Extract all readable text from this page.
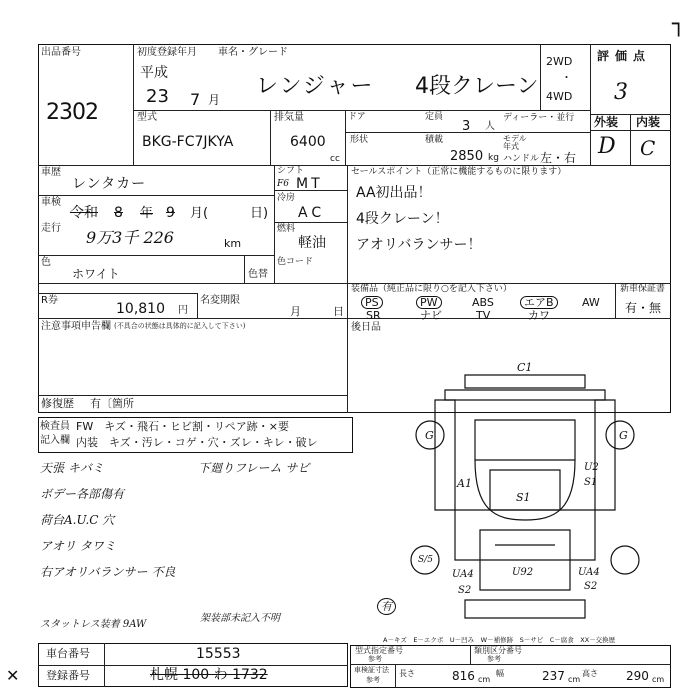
┐
出品番号
2302
初度登録年月
平成
23 7 月
車名・グレード
レンジャー 4段クレーン
2WD
・
4WD
評価点
3
型式
BKG-FC7JKYA
排気量
6400
cc
ドア	定員
3 人
ディーラー・並行
形状	積載
2850 kg
モデル年式
ハンドル 左・右
外装 内装
D C
車歴
レンタカー
シフト
F6 MT
車検
令和 8 年 9 月(	日)
冷房
AC
走行 9万3千 226	km
燃料
軽油
色
ホワイト	色替
色コード
セールスポイント（正常に機能するものに限ります）
AA初出品！
4段クレーン！
アオリバランサー！
R券
10,810 円
名変期限
月	日
装備品（純正品に限り○を記入下さい）
PS	PW	ABS	エアB	AW
SR	ナビ	TV	カワ
新車保証書
有・無
注意事項申告欄 (不具合の状態は具体的に記入して下さい)	後日品
修復歴 有〔箇所
検査員
記入欄
FW　キズ・飛石・ヒビ割・リペア跡・×要
内装　キズ・汚レ・コゲ・穴・ズレ・キレ・破レ
天張 キバミ
ボデー各部傷有
荷台A.U.C 穴
アオリ タワミ
右アオリバランサー 不良
下廻りフレーム サビ
スタットレス装着 9AW
架装部未記入不明
C1
G	G
A1
S1
U2
S1
S/5
UA4	U92	UA4
S2	S2
有
A－キズ　E－エクボ　U－凹み　W－補修跡　S－サビ　C－腐食　XX－交換歴
車台番号	15553
登録番号	札幌 100 わ 1732
型式指定番号
参考
類別区分番号
参考
車検証寸法
参考
長さ	816 cm
幅	237 cm
高さ 290 cm
✕
